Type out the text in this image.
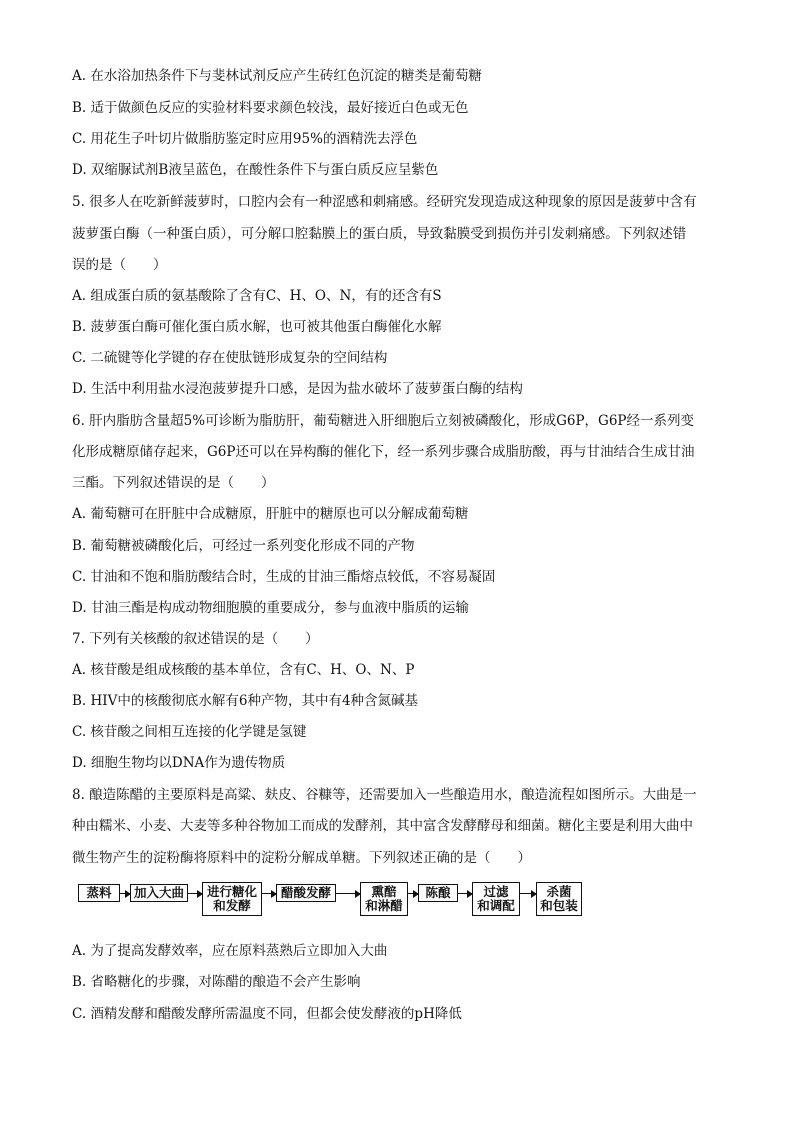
A. 在水浴加热条件下与斐林试剂反应产生砖红色沉淀的糖类是葡萄糖
B. 适于做颜色反应的实验材料要求颜色较浅，最好接近白色或无色
C. 用花生子叶切片做脂肪鉴定时应用95%的酒精洗去浮色
D. 双缩脲试剂B液呈蓝色，在酸性条件下与蛋白质反应呈紫色
5. 很多人在吃新鲜菠萝时，口腔内会有一种涩感和刺痛感。经研究发现造成这种现象的原因是菠萝中含有
菠萝蛋白酶（一种蛋白质），可分解口腔黏膜上的蛋白质，导致黏膜受到损伤并引发刺痛感。下列叙述错
误的是（　　）
A. 组成蛋白质的氨基酸除了含有C、H、O、N，有的还含有S
B. 菠萝蛋白酶可催化蛋白质水解，也可被其他蛋白酶催化水解
C. 二硫键等化学键的存在使肽链形成复杂的空间结构
D. 生活中利用盐水浸泡菠萝提升口感，是因为盐水破坏了菠萝蛋白酶的结构
6. 肝内脂肪含量超5%可诊断为脂肪肝，葡萄糖进入肝细胞后立刻被磷酸化，形成G6P，G6P经一系列变
化形成糖原储存起来，G6P还可以在异构酶的催化下，经一系列步骤合成脂肪酸，再与甘油结合生成甘油
三酯。下列叙述错误的是（　　）
A. 葡萄糖可在肝脏中合成糖原，肝脏中的糖原也可以分解成葡萄糖
B. 葡萄糖被磷酸化后，可经过一系列变化形成不同的产物
C. 甘油和不饱和脂肪酸结合时，生成的甘油三酯熔点较低，不容易凝固
D. 甘油三酯是构成动物细胞膜的重要成分，参与血液中脂质的运输
7. 下列有关核酸的叙述错误的是（　　）
A. 核苷酸是组成核酸的基本单位，含有C、H、O、N、P
B. HIV中的核酸彻底水解有6种产物，其中有4种含氮碱基
C. 核苷酸之间相互连接的化学键是氢键
D. 细胞生物均以DNA作为遗传物质
8. 酿造陈醋的主要原料是高粱、麸皮、谷糠等，还需要加入一些酿造用水，酿造流程如图所示。大曲是一
种由糯米、小麦、大麦等多种谷物加工而成的发酵剂，其中富含发酵酵母和细菌。糖化主要是利用大曲中
微生物产生的淀粉酶将原料中的淀粉分解成单糖。下列叙述正确的是（　　）
A. 为了提高发酵效率，应在原料蒸熟后立即加入大曲
B. 省略糖化的步骤，对陈醋的酿造不会产生影响
C. 酒精发酵和醋酸发酵所需温度不同，但都会使发酵液的pH降低
蒸料 加入大曲 进行糖化
和发酵
醋酸发酵	熏醅
和淋醋
陈酿	过滤
和调配
杀菌
和包装
